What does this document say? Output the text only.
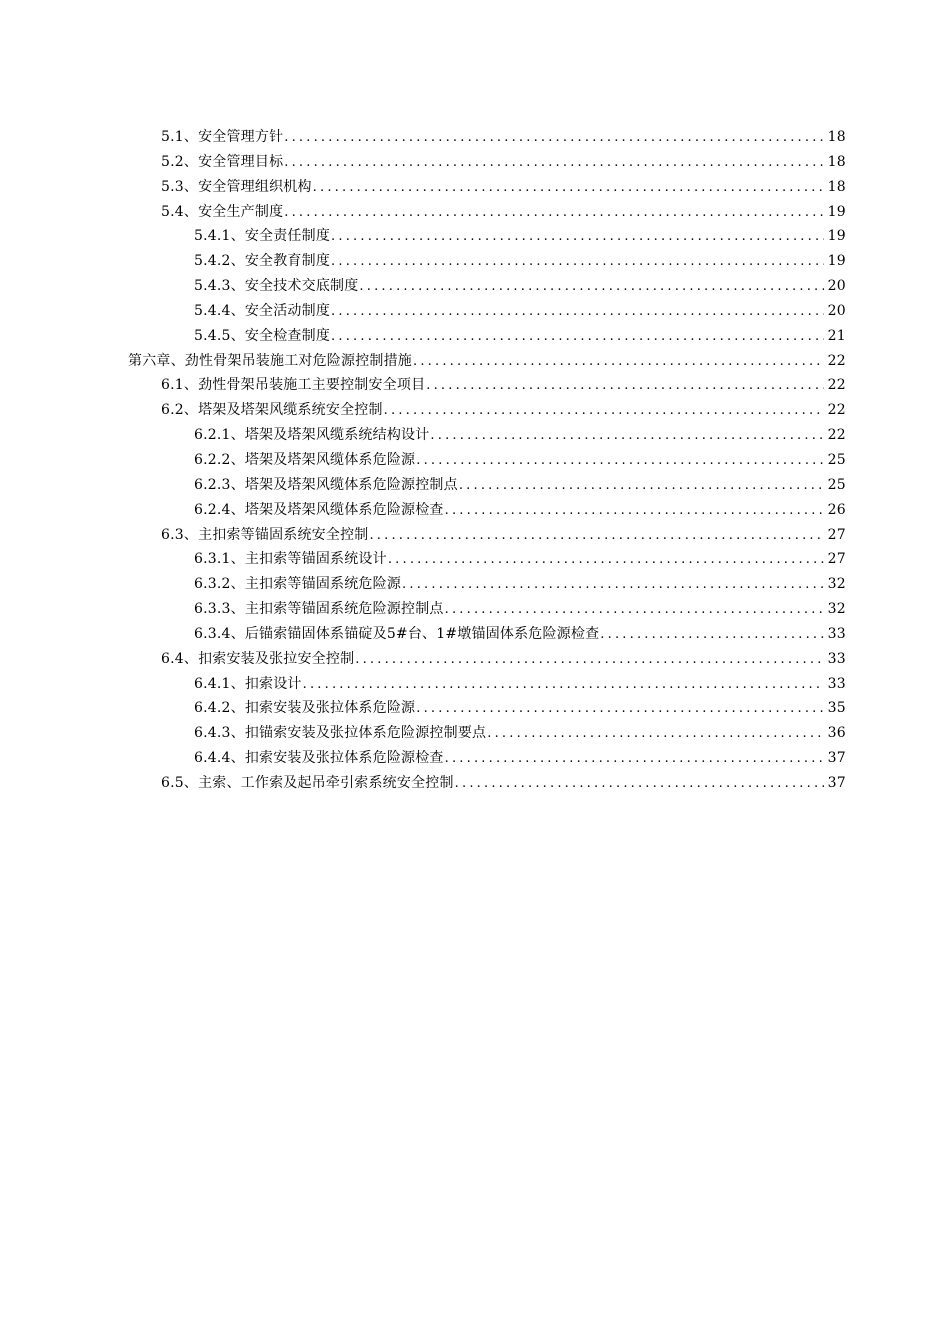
5.1、安全管理方针 .....	18
5.2、安全管理目标 .....	18
5.3、安全管理组织机构 .....	18
5.4、安全生产制度 .....	19
5.4.1、安全责任制度 .....	19
5.4.2、安全教育制度 .....	19
5.4.3、安全技术交底制度 .....	20
5.4.4、安全活动制度 .....	20
5.4.5、安全检查制度 .....	21
第六章、劲性骨架吊装施工对危险源控制措施 .....	22
6.1、劲性骨架吊装施工主要控制安全项目 .....	22
6.2、塔架及塔架风缆系统安全控制 .....	22
6.2.1、塔架及塔架风缆系统结构设计 .....	22
6.2.2、塔架及塔架风缆体系危险源 .....	25
6.2.3、塔架及塔架风缆体系危险源控制点 .....	25
6.2.4、塔架及塔架风缆体系危险源检查 .....	26
6.3、主扣索等锚固系统安全控制 .....	27
6.3.1、主扣索等锚固系统设计 .....	27
6.3.2、主扣索等锚固系统危险源 .....	32
6.3.3、主扣索等锚固系统危险源控制点 .....	32
6.3.4、后锚索锚固体系锚碇及5#台、1#墩锚固体系危险源检查 .....	33
6.4、扣索安装及张拉安全控制 .....	33
6.4.1、扣索设计 .....	33
6.4.2、扣索安装及张拉体系危险源 .....	35
6.4.3、扣锚索安装及张拉体系危险源控制要点 .....	36
6.4.4、扣索安装及张拉体系危险源检查 .....	37
6.5、主索、工作索及起吊牵引索系统安全控制 .....	37
